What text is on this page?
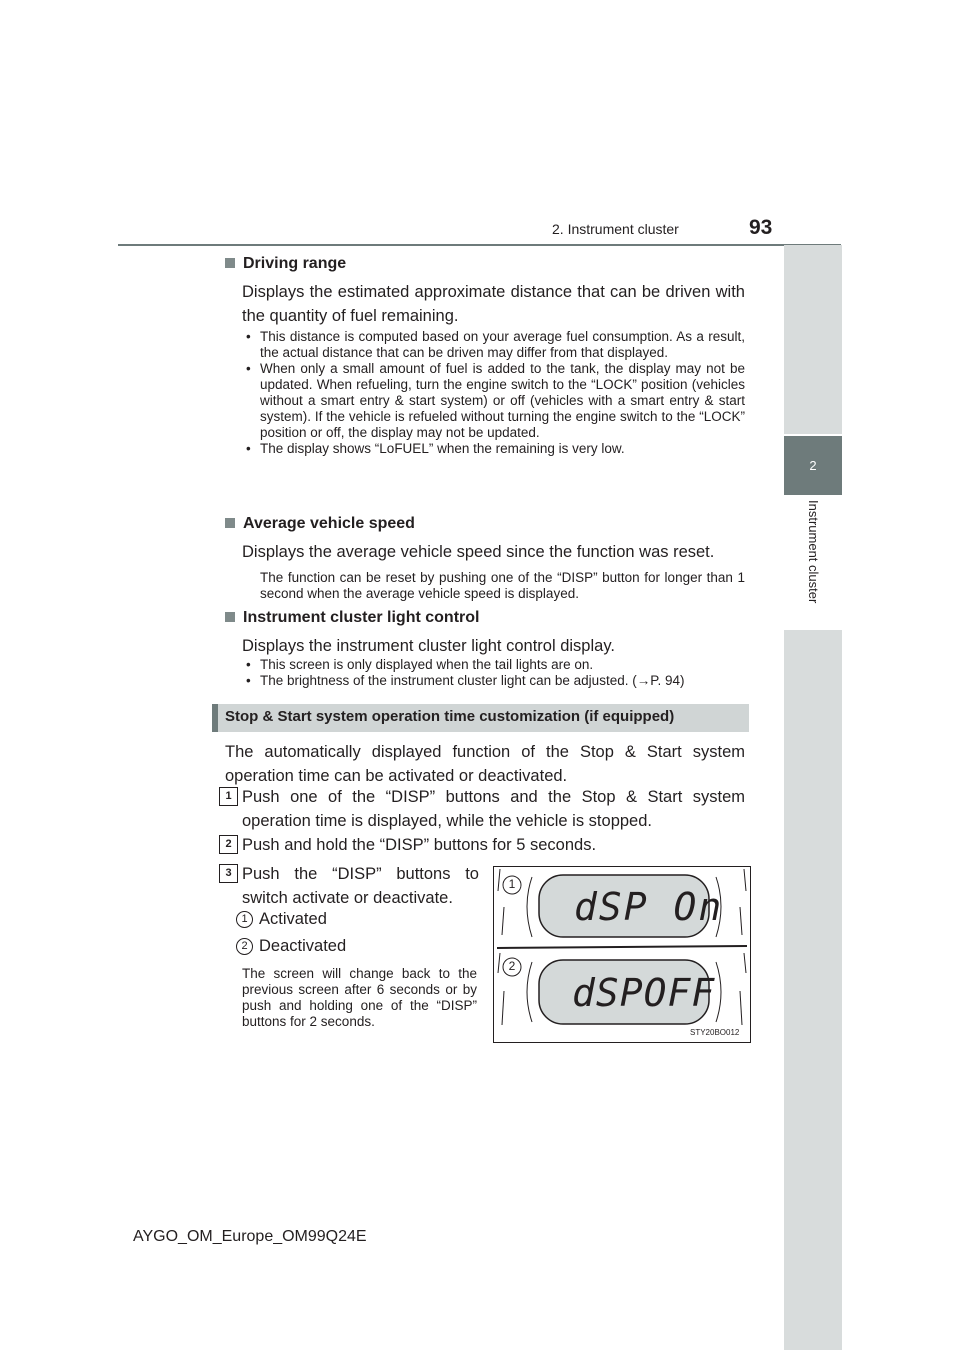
2. Instrument cluster	93
2
Instrument cluster
Driving range
Displays the estimated approximate distance that can be driven with the quantity of fuel remaining.
• This distance is computed based on your average fuel consumption. As a result, the actual distance that can be driven may differ from that displayed.
• When only a small amount of fuel is added to the tank, the display may not be updated. When refueling, turn the engine switch to the “LOCK” position (vehicles without a smart entry & start system) or off (vehicles with a smart entry & start system). If the vehicle is refueled without turning the engine switch to the “LOCK” position or off, the display may not be updated.
• The display shows “LoFUEL” when the remaining is very low.
Average vehicle speed
Displays the average vehicle speed since the function was reset.
The function can be reset by pushing one of the “DISP” button for longer than 1 second when the average vehicle speed is displayed.
Instrument cluster light control
Displays the instrument cluster light control display.
• This screen is only displayed when the tail lights are on.
• The brightness of the instrument cluster light can be adjusted. (→P. 94)
Stop & Start system operation time customization (if equipped)
The automatically displayed function of the Stop & Start system operation time can be activated or deactivated.
1 Push one of the “DISP” buttons and the Stop & Start system operation time is displayed, while the vehicle is stopped.
2 Push and hold the “DISP” buttons for 5 seconds.
3 Push the “DISP” buttons to switch activate or deactivate.
1 Activated
2 Deactivated
The screen will change back to the previous screen after 6 seconds or by push and holding one of the “DISP” buttons for 2 seconds.
dSP On
dSPOFF
1
2
STY20BO012
AYGO_OM_Europe_OM99Q24E
